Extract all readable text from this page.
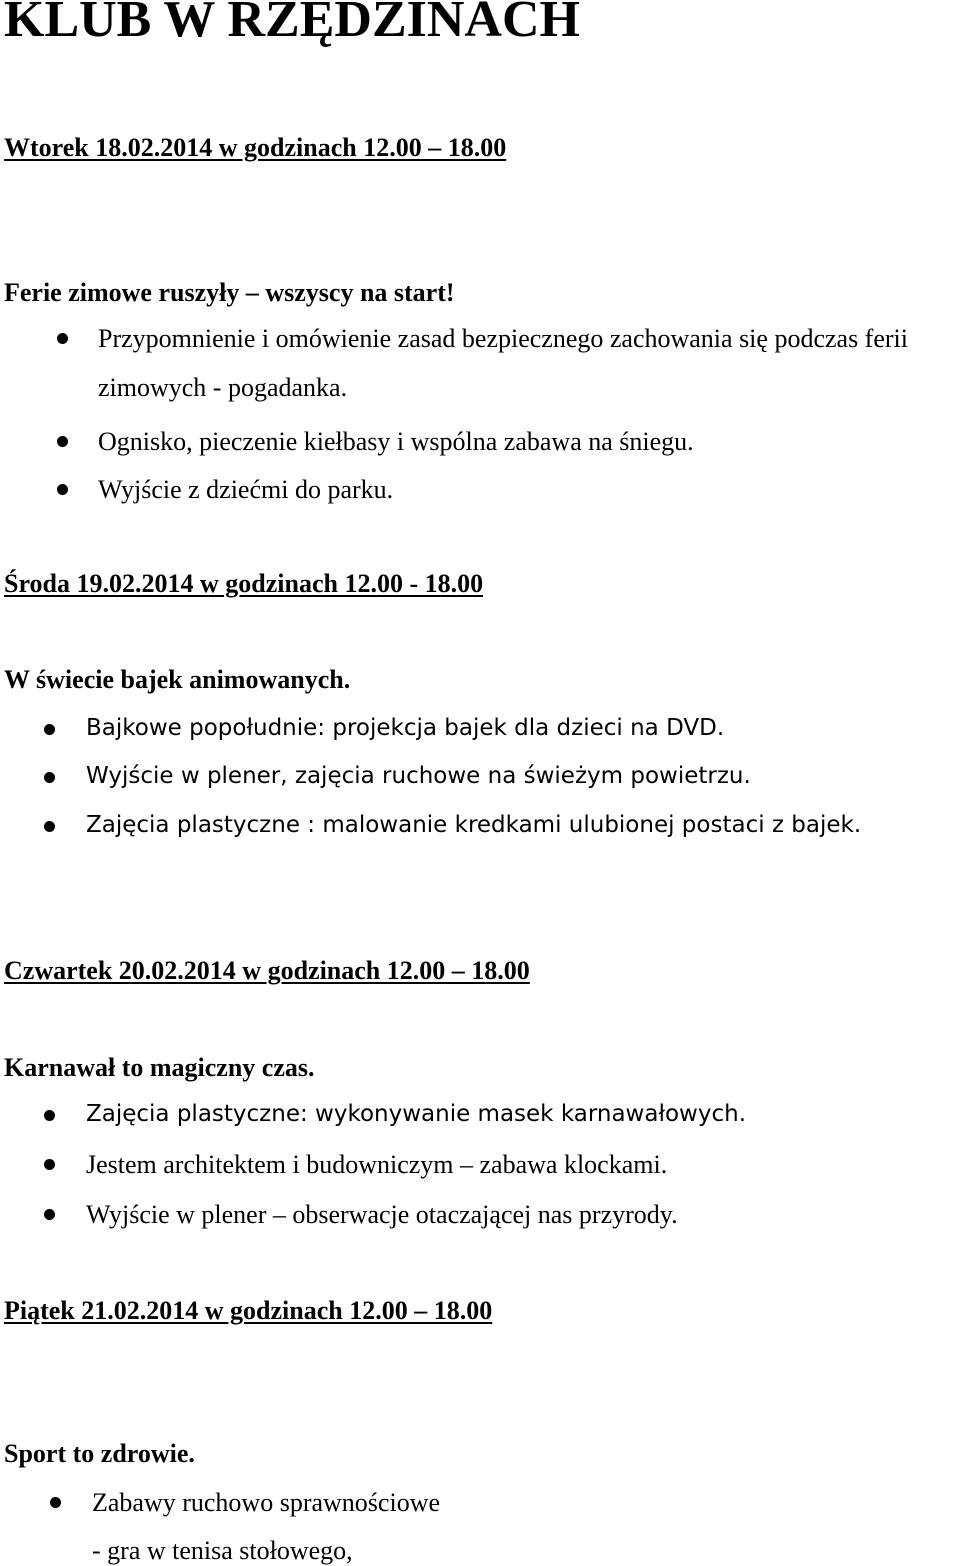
KLUB W RZĘDZINACH
Wtorek 18.02.2014 w godzinach 12.00 – 18.00
Ferie zimowe ruszyły – wszyscy na start!
Przypomnienie i omówienie zasad bezpiecznego zachowania się podczas ferii
zimowych - pogadanka.
Ognisko, pieczenie kiełbasy i wspólna zabawa na śniegu.
Wyjście z dziećmi do parku.
Środa 19.02.2014 w godzinach 12.00 - 18.00
W świecie bajek animowanych.
Bajkowe popołudnie: projekcja bajek dla dzieci na DVD.
Wyjście w plener, zajęcia ruchowe na świeżym powietrzu.
Zajęcia plastyczne : malowanie kredkami ulubionej postaci z bajek.
Czwartek 20.02.2014 w godzinach 12.00 – 18.00
Karnawał to magiczny czas.
Zajęcia plastyczne: wykonywanie masek karnawałowych.
Jestem architektem i budowniczym – zabawa klockami.
Wyjście w plener – obserwacje otaczającej nas przyrody.
Piątek 21.02.2014 w godzinach 12.00 – 18.00
Sport to zdrowie.
Zabawy ruchowo sprawnościowe
- gra w tenisa stołowego,
